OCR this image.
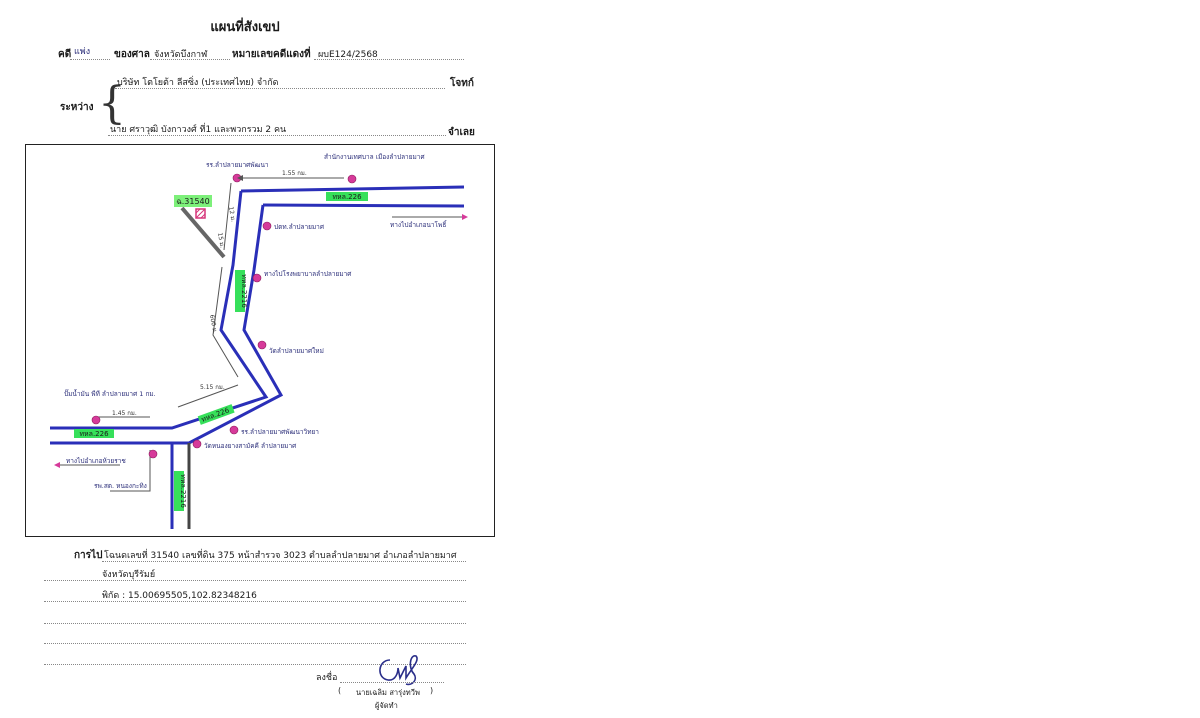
แผนที่สังเขป
คดี แพ่ง ของศาล จังหวัดบึงกาฬ หมายเลขคดีแดงที่ ผบE124/2568
ระหว่าง {
บริษัท โตโยต้า ลีสซิ่ง (ประเทศไทย) จำกัด	โจทก์
นาย ศราวุฒิ บังกาวงศ์ ที่1 และพวกรวม 2 คน	จำเลย
ทหล.226
ทหล.2216
ทหล.226
ทหล.226
ทหล.2216
ฉ.31540
รร.ลำปลายมาศพัฒนา
สำนักงานเทศบาล เมืองลำปลายมาศ
ปตท.ลำปลายมาศ
ทางไปโรงพยาบาลลำปลายมาศ
วัดลำปลายมาศใหม่
รร.ลำปลายมาศพัฒนาวิทยา
วัดหนองยางสามัคคี ลำปลายมาศ
ปั๊มน้ำมัน พีที ลำปลายมาศ 1 กม.
ทางไปอำเภอนาโพธิ์
ทางไปอำเภอห้วยราช
รพ.สต. หนองกะทิง
1.55 กม.
12 ม.
15 ม.
600 ม.
5.15 กม.
1.45 กม.
การไป โฉนดเลขที่ 31540 เลขที่ดิน 375 หน้าสำรวจ 3023 ตำบลลำปลายมาศ อำเภอลำปลายมาศ
จังหวัดบุรีรัมย์
พิกัด : 15.00695505,102.82348216
ลงชื่อ
( นายเฉลิม สารุ่งทวีพ )
ผู้จัดทำ
